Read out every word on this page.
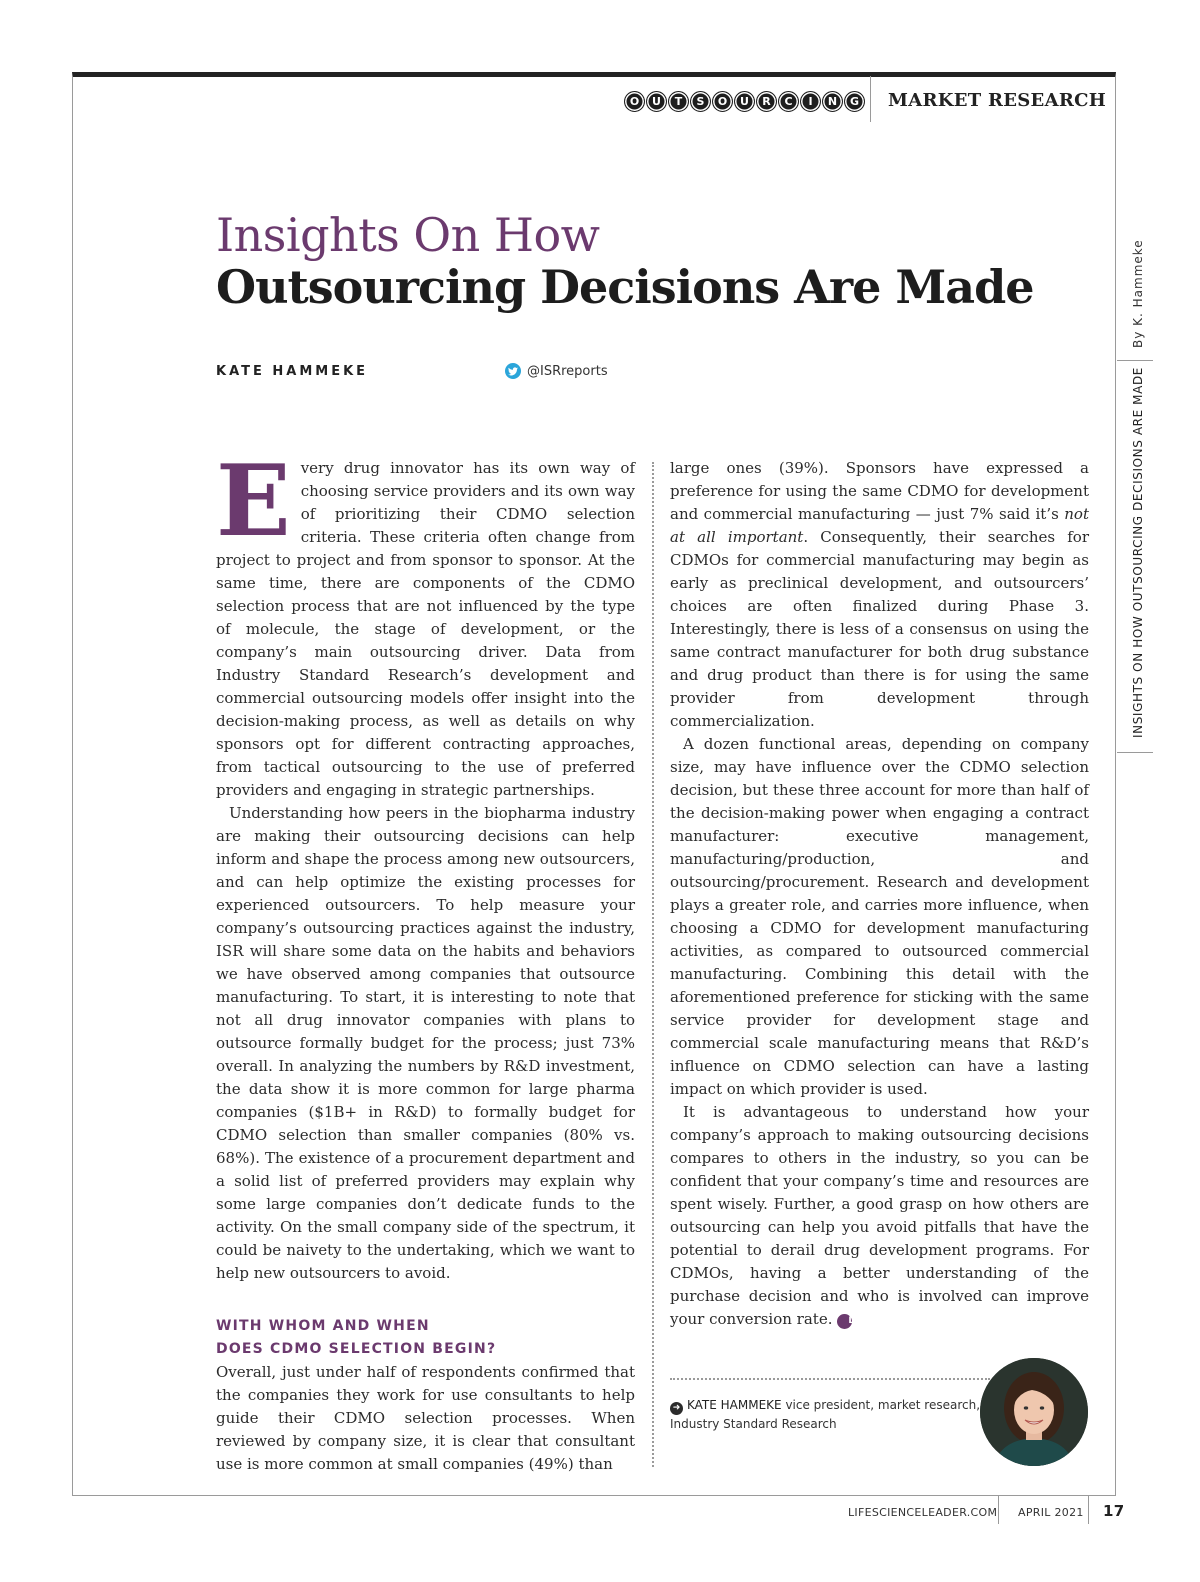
O	U	T	S	O	U	R	C	I	N	G	MARKET RESEARCH
Insights On How
Outsourcing Decisions Are Made
KATE HAMMEKE	@ISRreports

Every drug innovator has its own way of choosing service providers and its own way of prioritizing their CDMO selection criteria. These criteria often change from project to project and from sponsor to sponsor. At the same time, there are components of the CDMO selection process that are not influenced by the type of molecule, the stage of development, or the company’s main outsourcing driver. Data from Industry Standard Research’s development and commercial outsourcing models offer insight into the decision-making process, as well as details on why sponsors opt for different contracting approaches, from tactical outsourcing to the use of preferred providers and engaging in strategic partnerships.

Understanding how peers in the biopharma industry are making their outsourcing decisions can help inform and shape the process among new outsourcers, and can help optimize the existing processes for experienced outsourcers. To help measure your company’s outsourcing practices against the industry, ISR will share some data on the habits and behaviors we have observed among companies that outsource manufacturing. To start, it is interesting to note that not all drug innovator companies with plans to outsource formally budget for the process; just 73% overall. In analyzing the numbers by R&D investment, the data show it is more common for large pharma companies ($1B+ in R&D) to formally budget for CDMO selection than smaller companies (80% vs. 68%). The existence of a procurement department and a solid list of preferred providers may explain why some large companies don’t dedicate funds to the activity. On the small company side of the spectrum, it could be naivety to the undertaking, which we want to help new outsourcers to avoid.

WITH WHOM AND WHEN
DOES CDMO SELECTION BEGIN?

Overall, just under half of respondents confirmed that the companies they work for use consultants to help guide their CDMO selection processes. When reviewed by company size, it is clear that consultant use is more common at small companies (49%) than

large ones (39%). Sponsors have expressed a preference for using the same CDMO for development and commercial manufacturing — just 7% said it’s not at all important. Consequently, their searches for CDMOs for commercial manufacturing may begin as early as preclinical development, and outsourcers’ choices are often finalized during Phase 3. Interestingly, there is less of a consensus on using the same contract manufacturer for both drug substance and drug product than there is for using the same provider from development through commercialization.

A dozen functional areas, depending on company size, may have influence over the CDMO selection decision, but these three account for more than half of the decision-making power when engaging a contract manufacturer: executive management, manufacturing/production, and outsourcing/procurement. Research and development plays a greater role, and carries more influence, when choosing a CDMO for development manufacturing activities, as compared to outsourced commercial manufacturing. Combining this detail with the aforementioned preference for sticking with the same service provider for development stage and commercial scale manufacturing means that R&D’s influence on CDMO selection can have a lasting impact on which provider is used.

It is advantageous to understand how your company’s approach to making outsourcing decisions compares to others in the industry, so you can be confident that your company’s time and resources are spent wisely. Further, a good grasp on how others are outsourcing can help you avoid pitfalls that have the potential to derail drug development programs. For CDMOs, having a better understanding of the purchase decision and who is involved can improve your conversion rate. L

➜ KATE HAMMEKE vice president, market research, Industry Standard Research
By K. Hammeke
INSIGHTS ON HOW OUTSOURCING DECISIONS ARE MADE
LIFESCIENCELEADER.COM APRIL 2021 17
